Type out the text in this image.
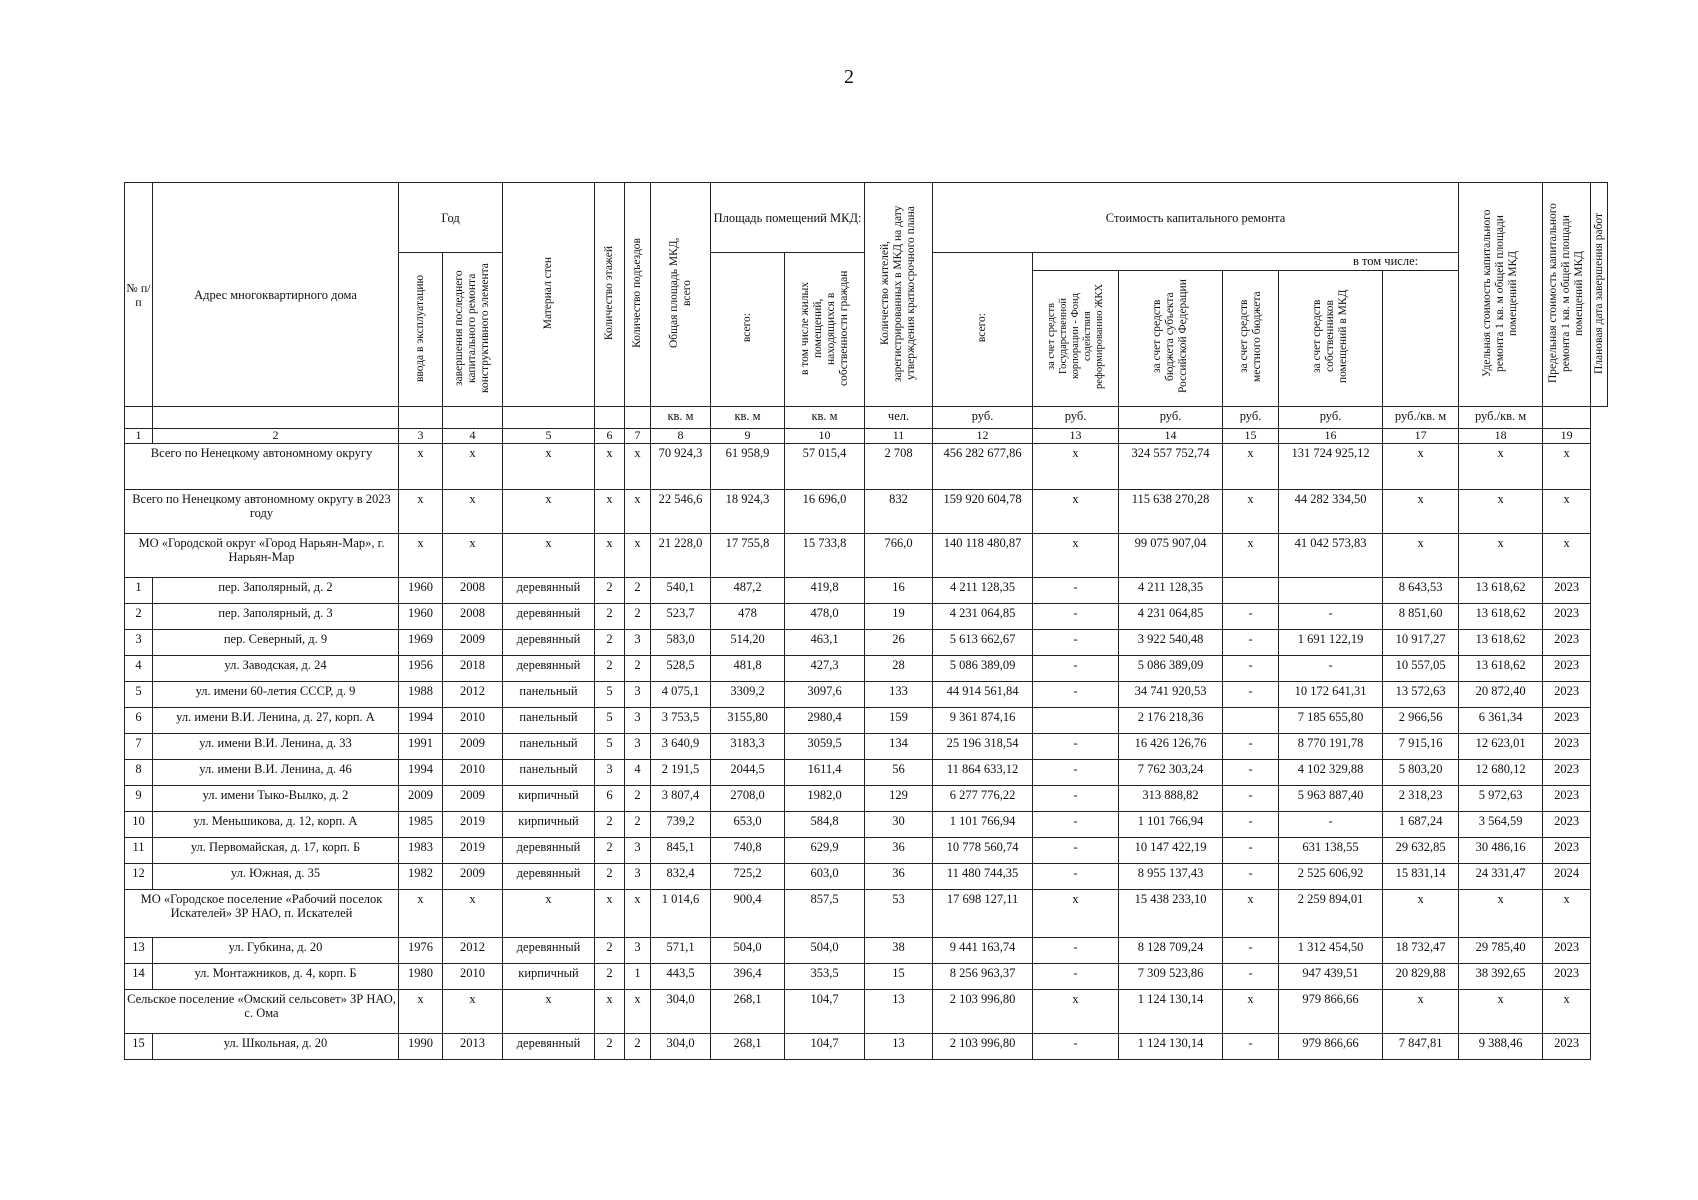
2
№ п/п	Адрес многоквартирного дома	Год		Материал стен	Количество этажей	Количество подъездов	Общая площадь МКД, всего	Площадь помещений МКД:		Количество жителей, зарегистрированных в МКД на дату утверждения краткосрочного плана	Стоимость капитального ремонта						Удельная стоимость капитального ремонта 1 кв. м общей площади помещений МКД	Предельная стоимость капитального ремонта 1 кв. м общей площади помещений МКД	Плановая дата завершения работ
		ввода в эксплуатацию	завершения последнего капитального ремонта конструктивного элемента					всего:	в том числе жилых помещений, находящихся в собственности граждан		всего:	в том числе:							
												за счет средств Государственной корпорации - Фонд содействия реформированию ЖКХ	за счет средств бюджета субъекта Российской Федерации	за счет средств местного бюджета	за счет средств собственников помещений в МКД				
							кв. м	кв. м	кв. м	чел.	руб.	руб.	руб.	руб.	руб.	руб./кв. м	руб./кв. м		
1	2	3	4	5	6	7	8	9	10	11	12	13	14	15	16	17	18	19	
Всего по Ненецкому автономному округу		x	x	x	x	x	70 924,3	61 958,9	57 015,4	2 708	456 282 677,86	x	324 557 752,74	x	131 724 925,12	x	x	x	
Всего по Ненецкому автономному округу в 2023 году		x	x	x	x	x	22 546,6	18 924,3	16 696,0	832	159 920 604,78	x	115 638 270,28	x	44 282 334,50	x	x	x	
МО «Городской округ «Город Нарьян-Мар», г. Нарьян-Мар		x	x	x	x	x	21 228,0	17 755,8	15 733,8	766,0	140 118 480,87	x	99 075 907,04	x	41 042 573,83	x	x	x	
1	пер. Заполярный, д. 2	1960	2008	деревянный	2	2	540,1	487,2	419,8	16	4 211 128,35	-	4 211 128,35			8 643,53	13 618,62	2023	
2	пер. Заполярный, д. 3	1960	2008	деревянный	2	2	523,7	478	478,0	19	4 231 064,85	-	4 231 064,85	-	-	8 851,60	13 618,62	2023	
3	пер. Северный, д. 9	1969	2009	деревянный	2	3	583,0	514,20	463,1	26	5 613 662,67	-	3 922 540,48	-	1 691 122,19	10 917,27	13 618,62	2023	
4	ул. Заводская, д. 24	1956	2018	деревянный	2	2	528,5	481,8	427,3	28	5 086 389,09	-	5 086 389,09	-	-	10 557,05	13 618,62	2023	
5	ул. имени 60-летия СССР, д. 9	1988	2012	панельный	5	3	4 075,1	3309,2	3097,6	133	44 914 561,84	-	34 741 920,53	-	10 172 641,31	13 572,63	20 872,40	2023	
6	ул. имени В.И. Ленина, д. 27, корп. А	1994	2010	панельный	5	3	3 753,5	3155,80	2980,4	159	9 361 874,16		2 176 218,36		7 185 655,80	2 966,56	6 361,34	2023	
7	ул. имени В.И. Ленина, д. 33	1991	2009	панельный	5	3	3 640,9	3183,3	3059,5	134	25 196 318,54	-	16 426 126,76	-	8 770 191,78	7 915,16	12 623,01	2023	
8	ул. имени В.И. Ленина, д. 46	1994	2010	панельный	3	4	2 191,5	2044,5	1611,4	56	11 864 633,12	-	7 762 303,24	-	4 102 329,88	5 803,20	12 680,12	2023	
9	ул. имени Тыко-Вылко, д. 2	2009	2009	кирпичный	6	2	3 807,4	2708,0	1982,0	129	6 277 776,22	-	313 888,82	-	5 963 887,40	2 318,23	5 972,63	2023	
10	ул. Меньшикова, д. 12, корп. А	1985	2019	кирпичный	2	2	739,2	653,0	584,8	30	1 101 766,94	-	1 101 766,94	-	-	1 687,24	3 564,59	2023	
11	ул. Первомайская, д. 17, корп. Б	1983	2019	деревянный	2	3	845,1	740,8	629,9	36	10 778 560,74	-	10 147 422,19	-	631 138,55	29 632,85	30 486,16	2023	
12	ул. Южная, д. 35	1982	2009	деревянный	2	3	832,4	725,2	603,0	36	11 480 744,35	-	8 955 137,43	-	2 525 606,92	15 831,14	24 331,47	2024	
МО «Городское поселение «Рабочий поселок Искателей» ЗР НАО, п. Искателей		x	x	x	x	x	1 014,6	900,4	857,5	53	17 698 127,11	x	15 438 233,10	x	2 259 894,01	x	x	x	
13	ул. Губкина, д. 20	1976	2012	деревянный	2	3	571,1	504,0	504,0	38	9 441 163,74	-	8 128 709,24	-	1 312 454,50	18 732,47	29 785,40	2023	
14	ул. Монтажников, д. 4, корп. Б	1980	2010	кирпичный	2	1	443,5	396,4	353,5	15	8 256 963,37	-	7 309 523,86	-	947 439,51	20 829,88	38 392,65	2023	
Сельское поселение «Омский сельсовет» ЗР НАО, с. Ома		x	x	x	x	x	304,0	268,1	104,7	13	2 103 996,80	x	1 124 130,14	x	979 866,66	x	x	x	
15	ул. Школьная, д. 20	1990	2013	деревянный	2	2	304,0	268,1	104,7	13	2 103 996,80	-	1 124 130,14	-	979 866,66	7 847,81	9 388,46	2023	
